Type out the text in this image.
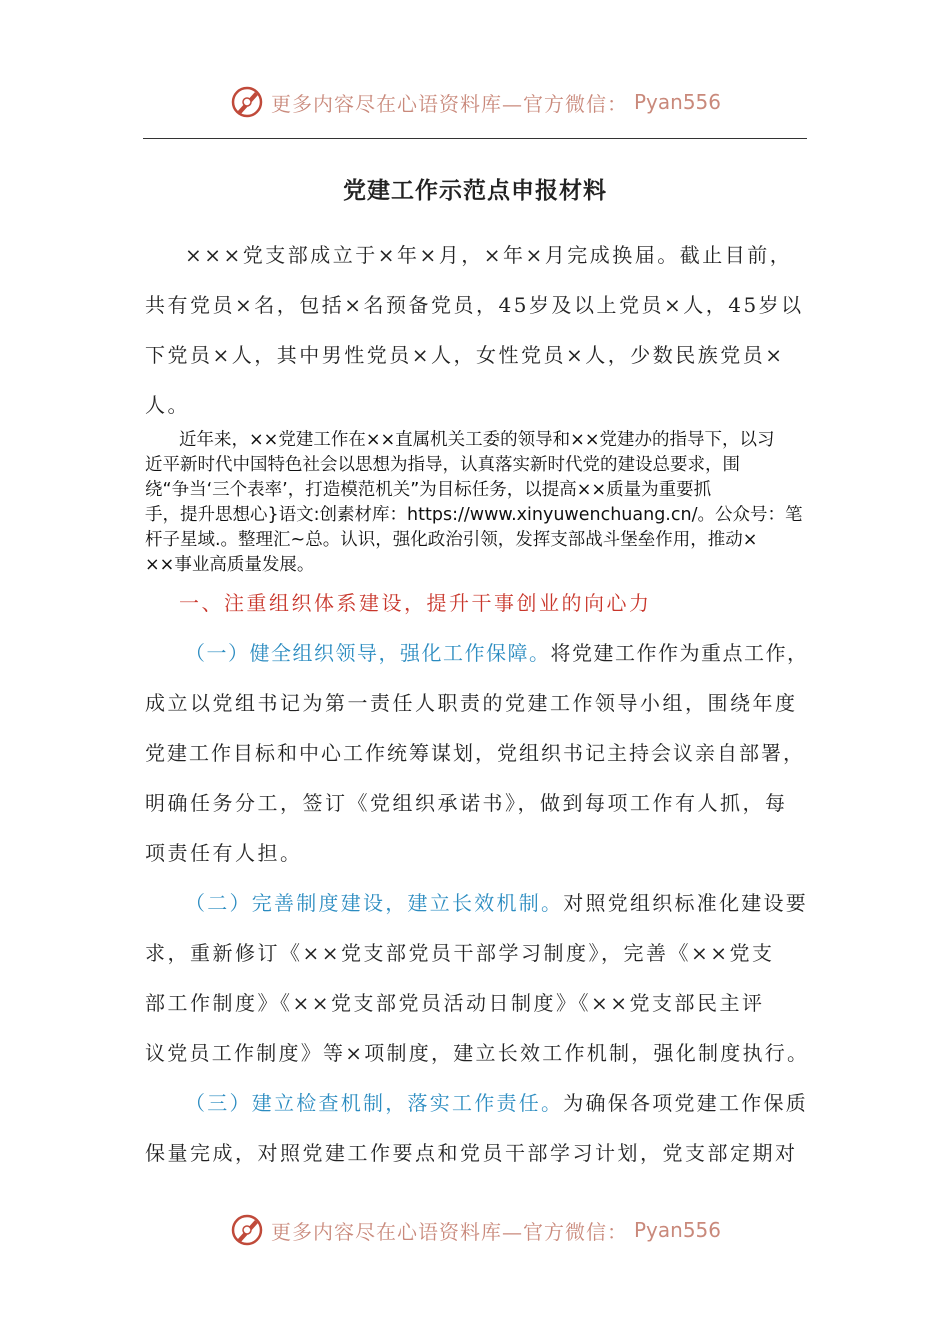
更多内容尽在心语资料库—官方微信： Pyan556
党建工作示范点申报材料
×××党支部成立于×年×月，×年×月完成换届。截止目前，
共有党员×名，包括×名预备党员，45岁及以上党员×人，45岁以
下党员×人，其中男性党员×人，女性党员×人，少数民族党员×
人。
近年来，××党建工作在××直属机关工委的领导和××党建办的指导下，以习
近平新时代中国特色社会以思想为指导，认真落实新时代党的建设总要求，围
绕“争当‘三个表率’，打造模范机关”为目标任务，以提高××质量为重要抓
手，提升思想心}语文:创素材库：https://www.xinyuwenchuang.cn/。公众号：笔
杆子星域.。整理汇~总。认识，强化政治引领，发挥支部战斗堡垒作用，推动×
××事业高质量发展。
一、注重组织体系建设，提升干事创业的向心力
（一）健全组织领导，强化工作保障。将党建工作作为重点工作，
成立以党组书记为第一责任人职责的党建工作领导小组，围绕年度
党建工作目标和中心工作统筹谋划，党组织书记主持会议亲自部署，
明确任务分工，签订《党组织承诺书》，做到每项工作有人抓，每
项责任有人担。
（二）完善制度建设，建立长效机制。对照党组织标准化建设要
求，重新修订《××党支部党员干部学习制度》，完善《××党支
部工作制度》《××党支部党员活动日制度》《××党支部民主评
议党员工作制度》等×项制度，建立长效工作机制，强化制度执行。
（三）建立检查机制，落实工作责任。为确保各项党建工作保质
保量完成，对照党建工作要点和党员干部学习计划，党支部定期对
更多内容尽在心语资料库—官方微信： Pyan556
